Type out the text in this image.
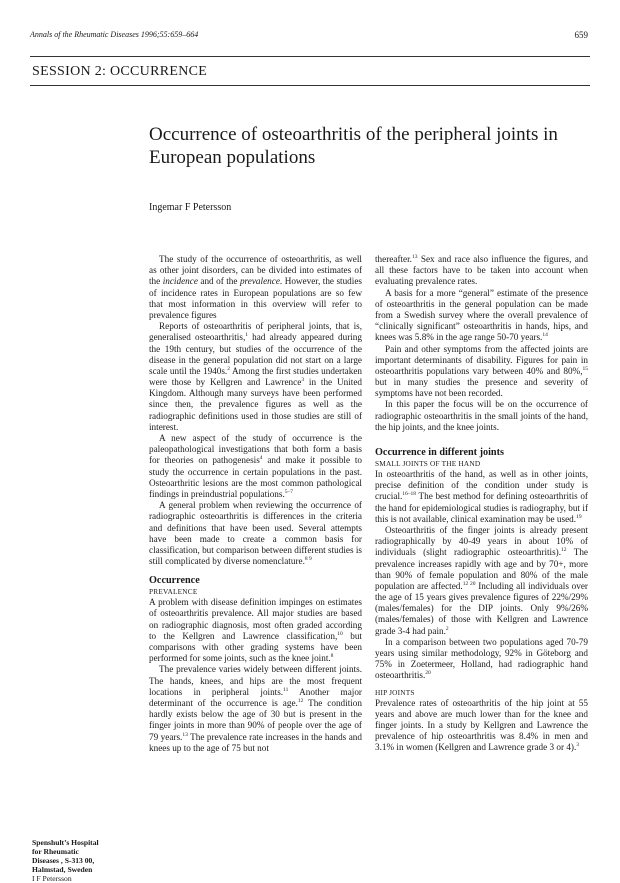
Annals of the Rheumatic Diseases 1996;55:659–664	659
SESSION 2: OCCURRENCE
Occurrence of osteoarthritis of the peripheral joints in European populations
Ingemar F Petersson

The study of the occurrence of osteoarthritis, as well as other joint disorders, can be divided into estimates of the incidence and of the prevalence. However, the studies of incidence rates in European populations are so few that most information in this overview will refer to prevalence figures

Reports of osteoarthritis of peripheral joints, that is, generalised osteoarthritis,$^1$ had already appeared during the 19th century, but studies of the occurrence of the disease in the general population did not start on a large scale until the 1940s.$^2$ Among the first studies undertaken were those by Kellgren and Lawrence$^3$ in the United Kingdom. Although many surveys have been performed since then, the prevalence figures as well as the radiographic definitions used in those studies are still of interest.

A new aspect of the study of occurrence is the paleopathological investigations that both form a basis for theories on pathogenesis$^4$ and make it possible to study the occurrence in certain populations in the past. Osteoarthritic lesions are the most common pathological findings in preindustrial populations.$^{5-7}$

A general problem when reviewing the occurrence of radiographic osteoarthritis is differences in the criteria and definitions that have been used. Several attempts have been made to create a common basis for classification, but comparison between different studies is still complicated by diverse nomenclature.$^{8 9}$

Occurrence
PREVALENCE

A problem with disease definition impinges on estimates of osteoarthritis prevalence. All major studies are based on radiographic diagnosis, most often graded according to the Kellgren and Lawrence classification,$^{10}$ but comparisons with other grading systems have been performed for some joints, such as the knee joint.$^8$

The prevalence varies widely between different joints. The hands, knees, and hips are the most frequent locations in peripheral joints.$^{11}$ Another major determinant of the occurrence is age.$^{12}$ The condition hardly exists below the age of 30 but is present in the finger joints in more than 90% of people over the age of 79 years.$^{13}$ The prevalence rate increases in the hands and knees up to the age of 75 but not

thereafter.$^{13}$ Sex and race also influence the figures, and all these factors have to be taken into account when evaluating prevalence rates.

A basis for a more “general” estimate of the presence of osteoarthritis in the general population can be made from a Swedish survey where the overall prevalence of “clinically significant” osteoarthritis in hands, hips, and knees was 5.8% in the age range 50-70 years.$^{14}$

Pain and other symptoms from the affected joints are important determinants of disability. Figures for pain in osteoarthritis populations vary between 40% and 80%,$^{15}$ but in many studies the presence and severity of symptoms have not been recorded.

In this paper the focus will be on the occurrence of radiographic osteoarthritis in the small joints of the hand, the hip joints, and the knee joints.

Occurrence in different joints
SMALL JOINTS OF THE HAND

In osteoarthritis of the hand, as well as in other joints, precise definition of the condition under study is crucial.$^{16-18}$ The best method for defining osteoarthritis of the hand for epidemiological studies is radiography, but if this is not available, clinical examination may be used.$^{19}$

Osteoarthritis of the finger joints is already present radiographically by 40-49 years in about 10% of individuals (slight radiographic osteoarthritis).$^{12}$ The prevalence increases rapidly with age and by 70+, more than 90% of female population and 80% of the male population are affected.$^{12 20}$ Including all individuals over the age of 15 years gives prevalence figures of 22%/29% (males/females) for the DIP joints. Only 9%/26% (males/females) of those with Kellgren and Lawrence grade 3-4 had pain.$^2$

In a comparison between two populations aged 70-79 years using similar methodology, 92% in Göteborg and 75% in Zoetermeer, Holland, had radiographic hand osteoarthritis.$^{20}$

HIP JOINTS

Prevalence rates of osteoarthritis of the hip joint at 55 years and above are much lower than for the knee and finger joints. In a study by Kellgren and Lawrence the prevalence of hip osteoarthritis was 8.4% in men and 3.1% in women (Kellgren and Lawrence grade 3 or 4).$^3$

Spenshult’s Hospital
for Rheumatic
Diseases , S-313 00,
Halmstad, Sweden
I F Petersson
